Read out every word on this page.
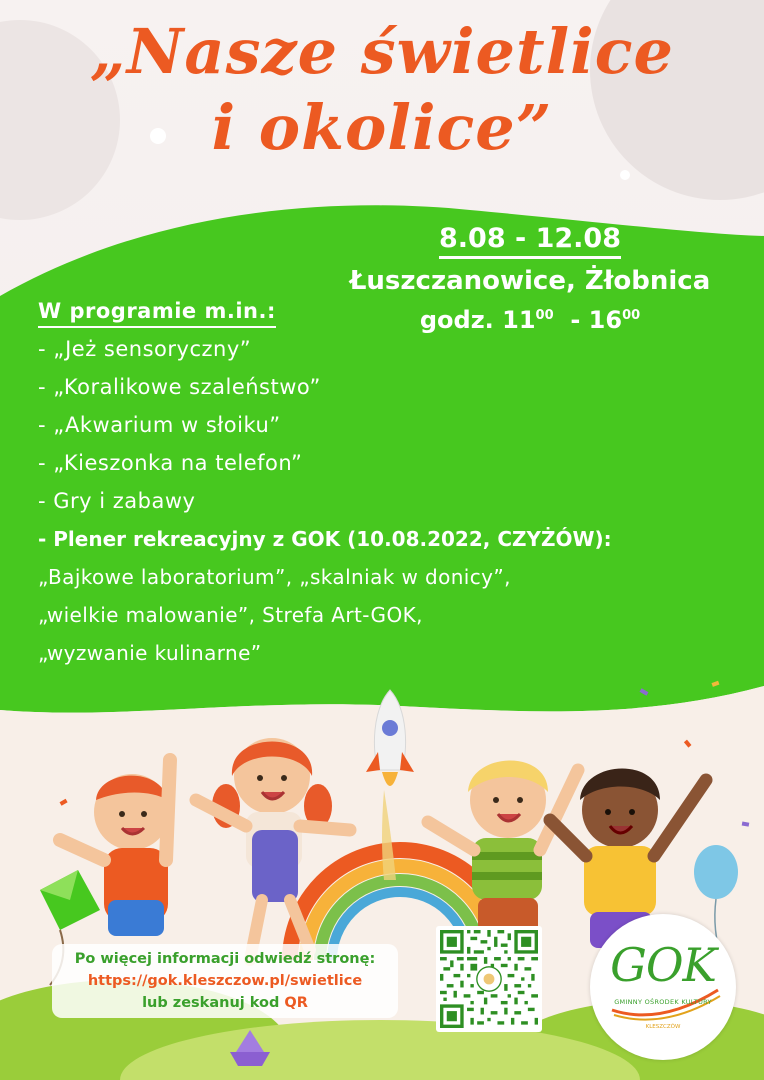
„Nasze świetlice
i okolice”
8.08 - 12.08
Łuszczanowice, Żłobnica
godz. $11^{00} - 16^{00}$
W programie m.in.:
- „Jeż sensoryczny”
- „Koralikowe szaleństwo”
- „Akwarium w słoiku”
- „Kieszonka na telefon”
- Gry i zabawy
- Plener rekreacyjny z GOK (10.08.2022, CZYŻÓW):
„Bajkowe laboratorium”, „skalniak w donicy”,
„wielkie malowanie”, Strefa Art-GOK,
„wyzwanie kulinarne”
Po więcej informacji odwiedź stronę:
https://gok.kleszczow.pl/swietlice
lub zeskanuj kod QR
GOK
GMINNY OŚRODEK KULTURY
KLESZCZÓW
